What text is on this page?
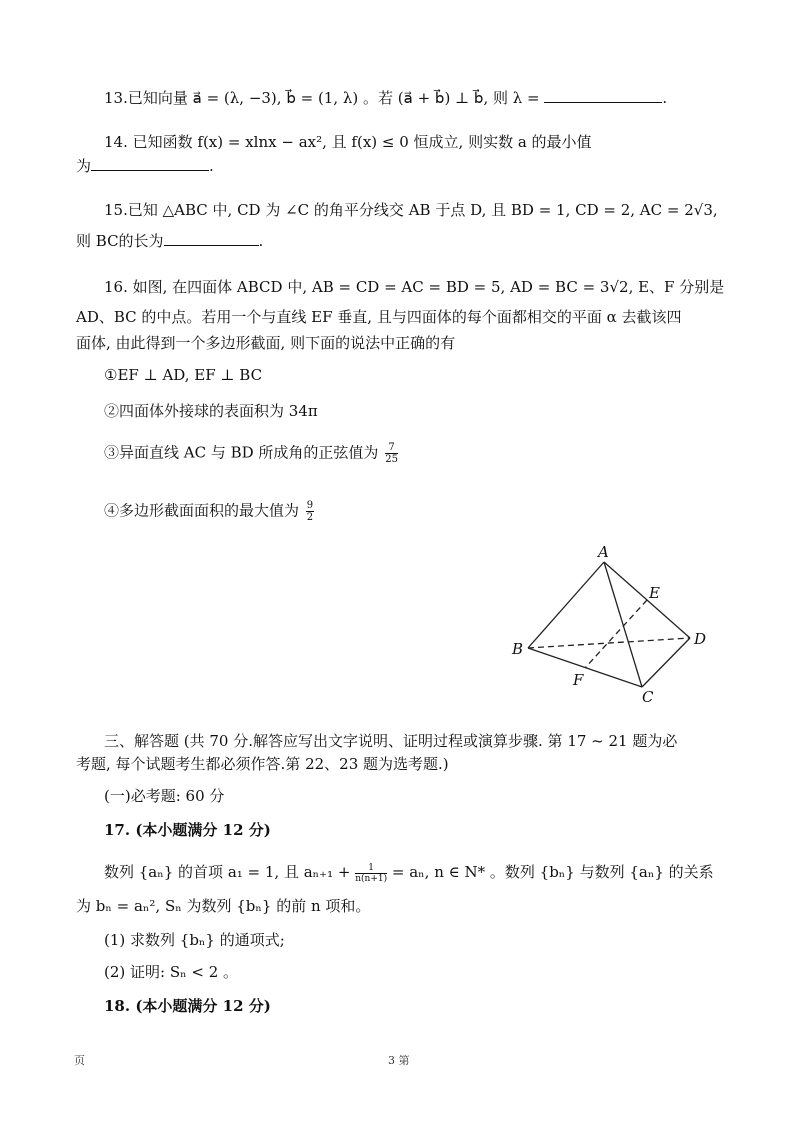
13.已知向量 a⃗ = (λ, −3), b⃗ = (1, λ) 。若 (a⃗ + b⃗) ⊥ b⃗, 则 λ =	.
14. 已知函数 f(x) = xlnx − ax², 且 f(x) ≤ 0 恒成立, 则实数 a 的最小值
为	.
15.已知 △ABC 中, CD 为 ∠C 的角平分线交 AB 于点 D, 且 BD = 1, CD = 2, AC = 2√3,
则 BC的长为	.
16. 如图, 在四面体 ABCD 中, AB = CD = AC = BD = 5, AD = BC = 3√2, E、F 分别是
AD、BC 的中点。若用一个与直线 EF 垂直, 且与四面体的每个面都相交的平面 α 去截该四
面体, 由此得到一个多边形截面, 则下面的说法中正确的有
①EF ⊥ AD, EF ⊥ BC
②四面体外接球的表面积为 34π
③异面直线 AC 与 BD 所成角的正弦值为 $\frac{7}{25}$
④多边形截面面积的最大值为 $\frac{9}{2}$
A
B
C
D
E
F
三、解答题 (共 70 分.解答应写出文字说明、证明过程或演算步骤. 第 17 ~ 21 题为必
考题, 每个试题考生都必须作答.第 22、23 题为选考题.)
(一)必考题: 60 分
17. (本小题满分 12 分)
数列 {aₙ} 的首项 a₁ = 1, 且 $a_{n+1} + \frac{1}{n(n+1)} = a_n$, n ∈ N* 。数列 {bₙ} 与数列 {aₙ} 的关系
为 bₙ = aₙ², Sₙ 为数列 {bₙ} 的前 n 项和。
(1) 求数列 {bₙ} 的通项式;
(2) 证明: Sₙ < 2 。
18. (本小题满分 12 分)
页	3 第
